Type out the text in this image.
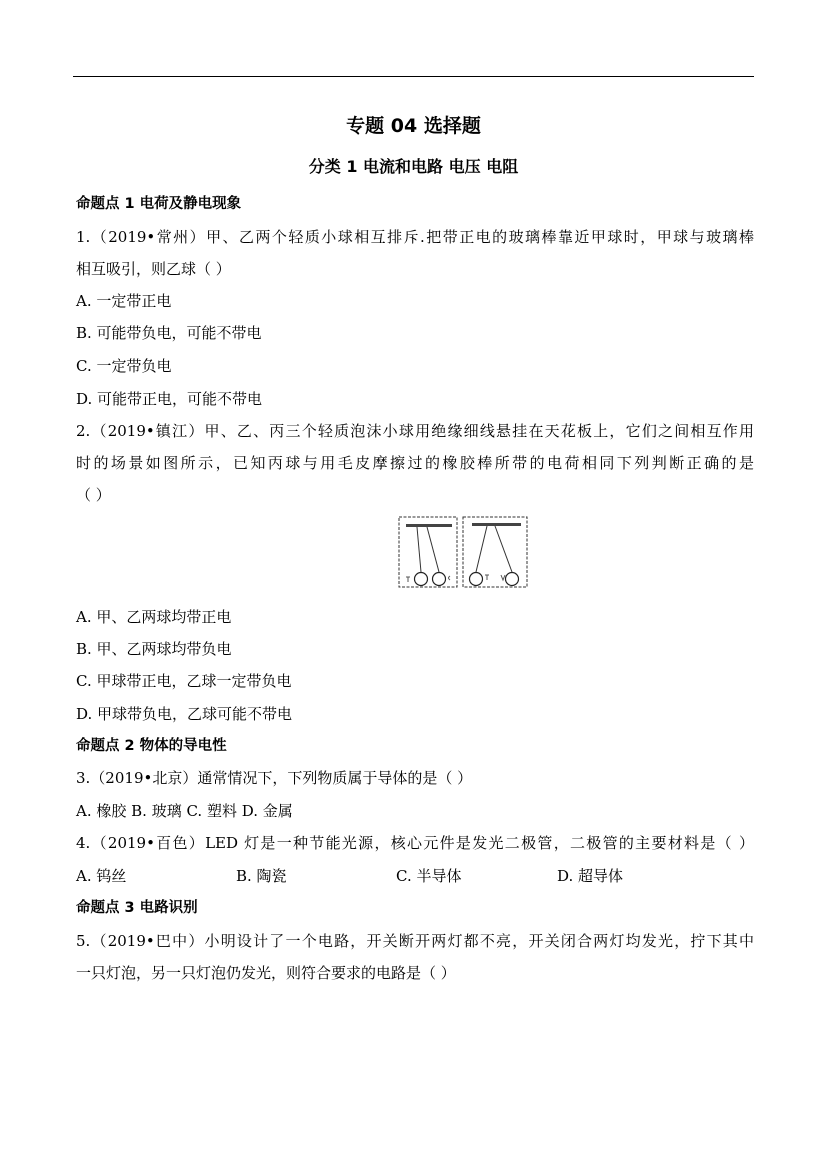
专题 04 选择题
分类 1 电流和电路 电压 电阻
命题点 1 电荷及静电现象
1.（2019•常州）甲、乙两个轻质小球相互排斥.把带正电的玻璃棒靠近甲球时，甲球与玻璃棒
相互吸引，则乙球（ ）
A. 一定带正电
B. 可能带负电，可能不带电
C. 一定带负电
D. 可能带正电，可能不带电
2.（2019•镇江）甲、乙、丙三个轻质泡沫小球用绝缘细线悬挂在天花板上，它们之间相互作用
时的场景如图所示，已知丙球与用毛皮摩擦过的橡胶棒所带的电荷相同下列判断正确的是
（ ）
A. 甲、乙两球均带正电
B. 甲、乙两球均带负电
C. 甲球带正电，乙球一定带负电
D. 甲球带负电，乙球可能不带电
命题点 2 物体的导电性
3.（2019•北京）通常情况下，下列物质属于导体的是（ ）
A. 橡胶 B. 玻璃 C. 塑料 D. 金属
4.（2019•百色）LED 灯是一种节能光源，核心元件是发光二极管，二极管的主要材料是（ ）
A. 钨丝	B. 陶瓷	C. 半导体	D. 超导体
命题点 3 电路识别
5.（2019•巴中）小明设计了一个电路，开关断开两灯都不亮，开关闭合两灯均发光，拧下其中
一只灯泡，另一只灯泡仍发光，则符合要求的电路是（ ）
